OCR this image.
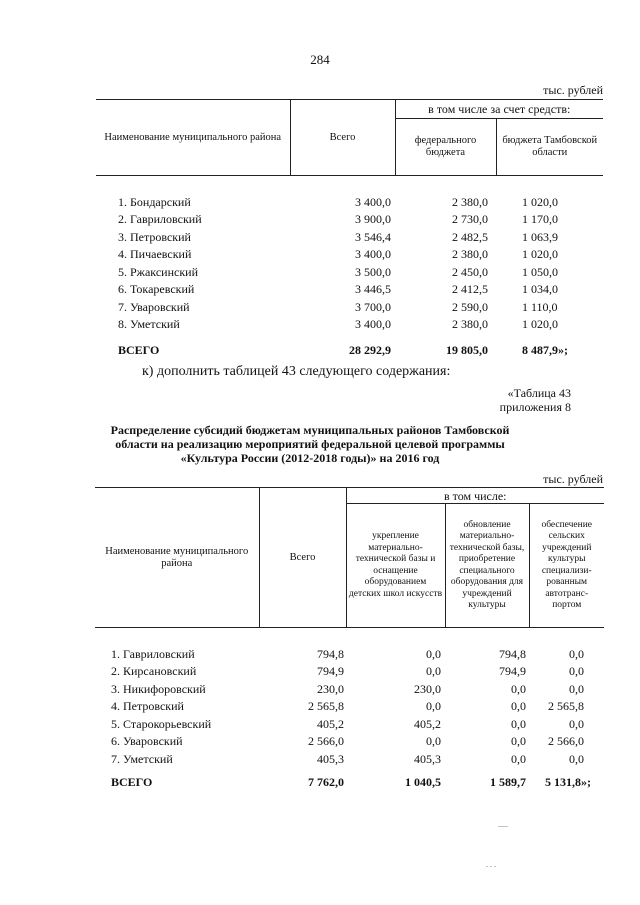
284
тыс. рублей
Наименование муниципального района	Всего	в том числе за счет средств:	
		федерального бюджета	бюджета Тамбовской области

1. Бондарский	3 400,0	2 380,0	1 020,0
2. Гавриловский	3 900,0	2 730,0	1 170,0
3. Петровский	3 546,4	2 482,5	1 063,9
4. Пичаевский	3 400,0	2 380,0	1 020,0
5. Ржаксинский	3 500,0	2 450,0	1 050,0
6. Токаревский	3 446,5	2 412,5	1 034,0
7. Уваровский	3 700,0	2 590,0	1 110,0
8. Уметский	3 400,0	2 380,0	1 020,0
ВСЕГО	28 292,9	19 805,0	8 487,9»;
к) дополнить таблицей 43 следующего содержания:
«Таблица 43
приложения 8
Распределение субсидий бюджетам муниципальных районов Тамбовской
области на реализацию мероприятий федеральной целевой программы
«Культура России (2012-2018 годы)» на 2016 год
тыс. рублей
Наименование муниципального района	Всего	в том числе:		
		укрепление материально-технической базы и оснащение оборудованием детских школ искусств	обновление материально-технической базы, приобретение специального оборудования для учреждений культуры	обеспечение сельских учреждений культуры специализи-рованным автотранс-портом

1. Гавриловский	794,8	0,0	794,8	0,0
2. Кирсановский	794,9	0,0	794,9	0,0
3. Никифоровский	230,0	230,0	0,0	0,0
4. Петровский	2 565,8	0,0	0,0	2 565,8
5. Старокорьевский	405,2	405,2	0,0	0,0
6. Уваровский	2 566,0	0,0	0,0	2 566,0
7. Уметский	405,3	405,3	0,0	0,0
ВСЕГО	7 762,0	1 040,5	1 589,7	5 131,8»;
.....
. . .
